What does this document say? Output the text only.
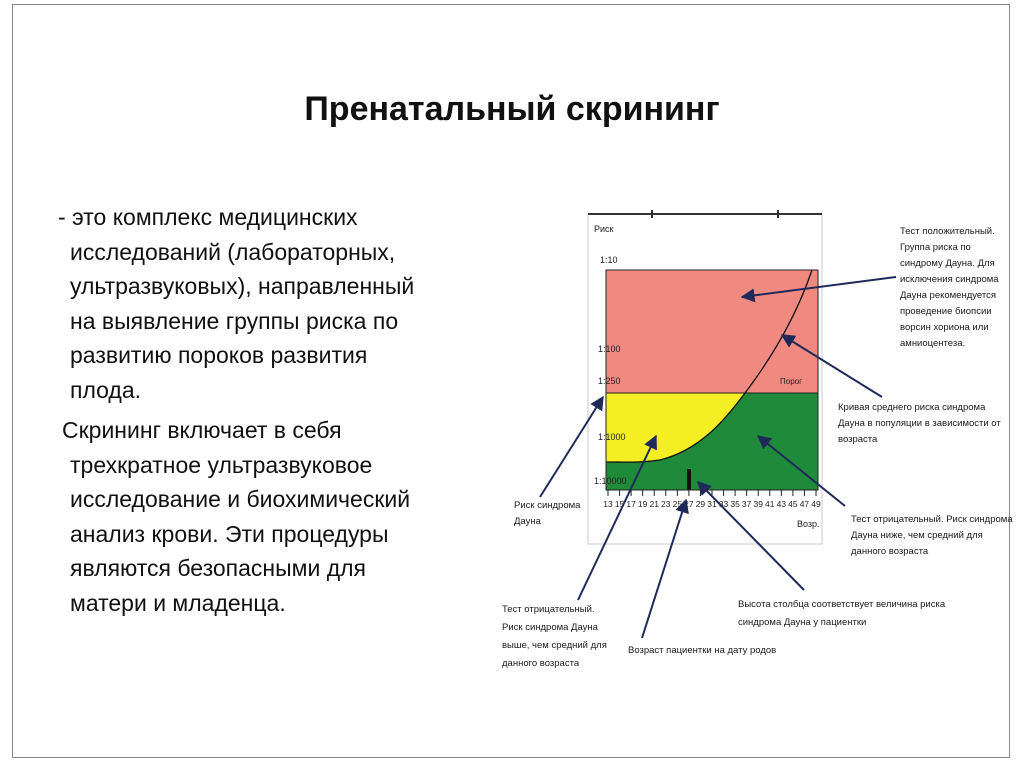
Пренатальный скрининг

- это комплекс медицинских
исследований (лабораторных,
ультразвуковых), направленный
на выявление группы риска по
развитию пороков развития
плода.

Скрининг включает в себя
трехкратное ультразвуковое
исследование и биохимический
анализ крови. Эти процедуры
являются безопасными для
матери и младенца.

Риск
1:10
1:100
1:250
1:1000
1:10000
Порог
13 15 17 19 21 23 25 27 29 31 33 35 37 39 41 43 45 47 49
Возр.
Тест положительный.
Группа риска по
синдрому Дауна. Для
исключения синдрома
Дауна рекомендуется
проведение биопсии
ворсин хориона или
амниоцентеза.
Кривая среднего риска синдрома
Дауна в популяции в зависимости от
возраста
Риск синдрома
Дауна	Тест отрицательный. Риск синдрома
Дауна ниже, чем средний для
данного возраста
Тест отрицательный.
Риск синдрома Дауна
выше, чем средний для
данного возраста
Высота столбца соответствует величина риска
синдрома Дауна у пациентки
Возраст пациентки на дату родов
